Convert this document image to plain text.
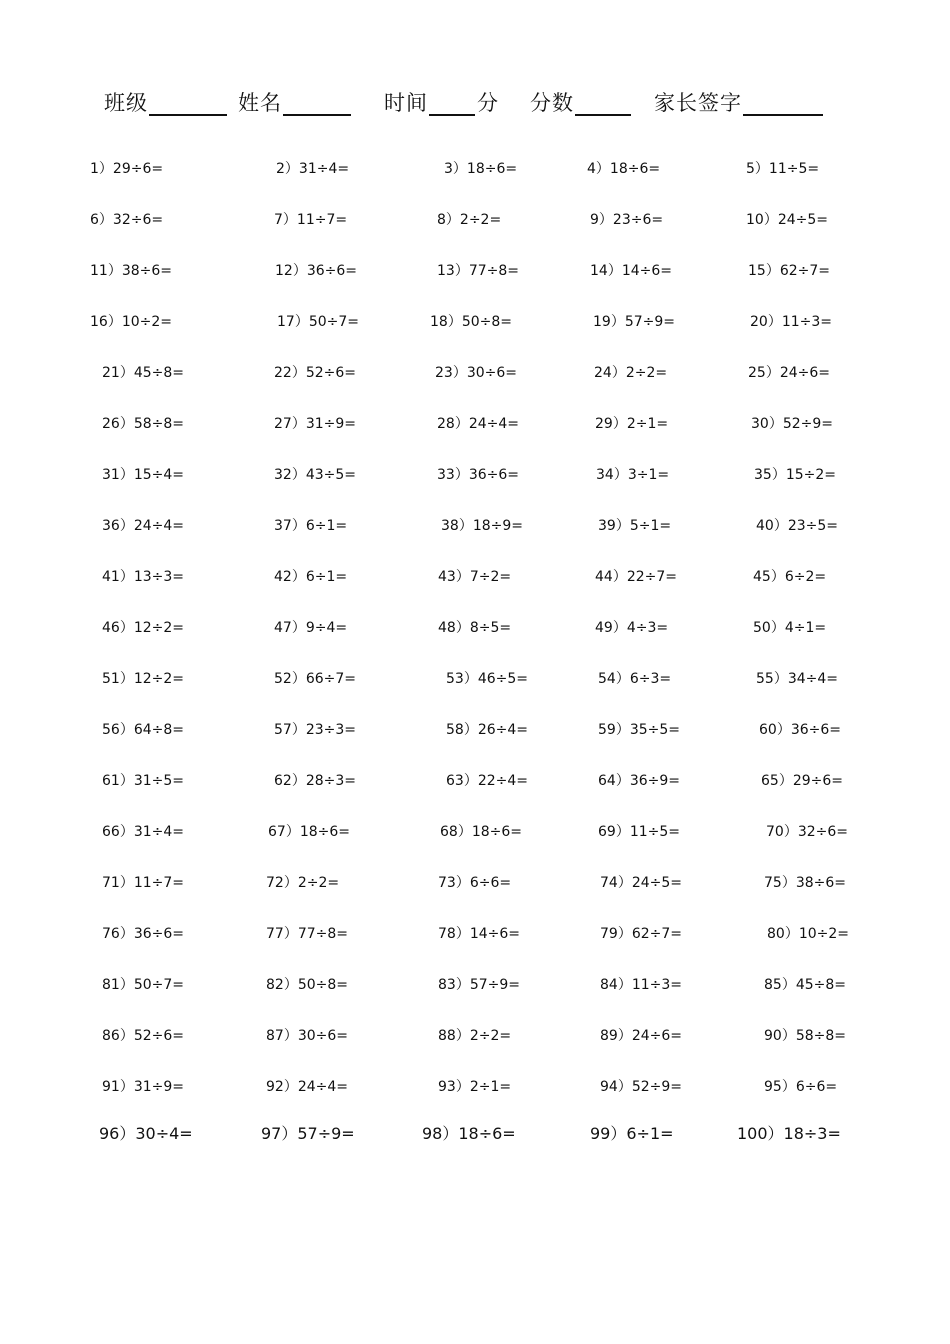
班级	姓名	时间 分 分数	家长签字
1）29÷6=	2）31÷4=	3）18÷6=	4）18÷6=	5）11÷5=
6）32÷6=	7）11÷7=	8）2÷2=	9）23÷6=	10）24÷5=
11）38÷6=	12）36÷6=	13）77÷8=	14）14÷6=	15）62÷7=
16）10÷2=	17）50÷7=	18）50÷8=	19）57÷9=	20）11÷3=
21）45÷8=	22）52÷6=	23）30÷6=	24）2÷2=	25）24÷6=
26）58÷8=	27）31÷9=	28）24÷4=	29）2÷1=	30）52÷9=
31）15÷4=	32）43÷5=	33）36÷6=	34）3÷1=	35）15÷2=
36）24÷4=	37）6÷1=	38）18÷9=	39）5÷1=	40）23÷5=
41）13÷3=	42）6÷1=	43）7÷2=	44）22÷7=	45）6÷2=
46）12÷2=	47）9÷4=	48）8÷5=	49）4÷3=	50）4÷1=
51）12÷2=	52）66÷7=	53）46÷5=	54）6÷3=	55）34÷4=
56）64÷8=	57）23÷3=	58）26÷4=	59）35÷5=	60）36÷6=
61）31÷5=	62）28÷3=	63）22÷4=	64）36÷9=	65）29÷6=
66）31÷4=	67）18÷6=	68）18÷6=	69）11÷5=	70）32÷6=
71）11÷7=	72）2÷2=	73）6÷6=	74）24÷5=	75）38÷6=
76）36÷6=	77）77÷8=	78）14÷6=	79）62÷7=	80）10÷2=
81）50÷7=	82）50÷8=	83）57÷9=	84）11÷3=	85）45÷8=
86）52÷6=	87）30÷6=	88）2÷2=	89）24÷6=	90）58÷8=
91）31÷9=	92）24÷4=	93）2÷1=	94）52÷9=	95）6÷6=
96）30÷4=	97）57÷9=	98）18÷6=	99）6÷1=	100）18÷3=
